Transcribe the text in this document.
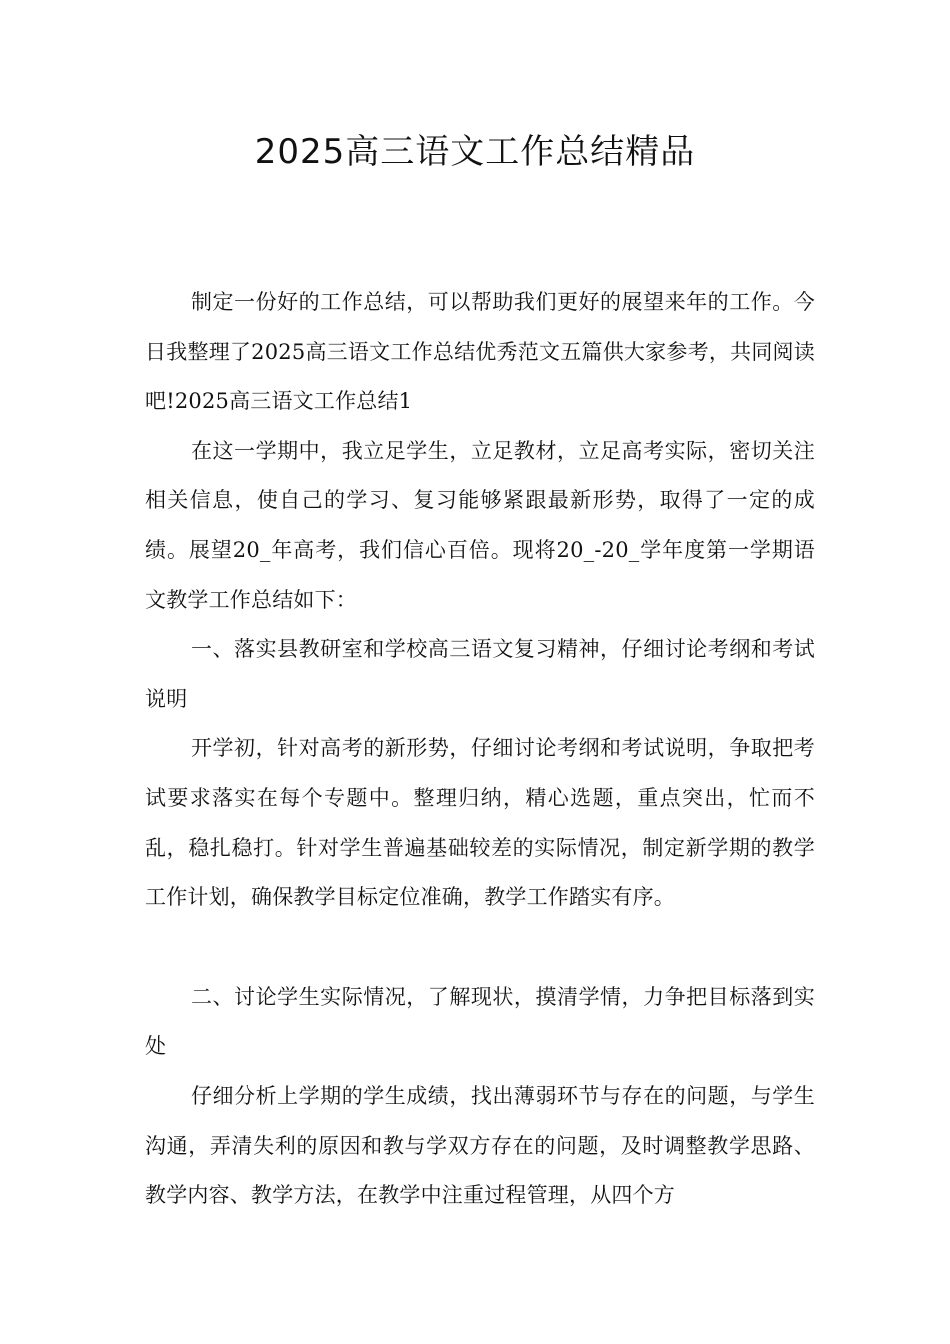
2025高三语文工作总结精品

制定一份好的工作总结，可以帮助我们更好的展望来年的工作。今日我整理了2025高三语文工作总结优秀范文五篇供大家参考，共同阅读吧!2025高三语文工作总结1

在这一学期中，我立足学生，立足教材，立足高考实际，密切关注相关信息，使自己的学习、复习能够紧跟最新形势，取得了一定的成绩。展望20_年高考，我们信心百倍。现将20_-20_学年度第一学期语文教学工作总结如下：

一、落实县教研室和学校高三语文复习精神，仔细讨论考纲和考试说明

开学初，针对高考的新形势，仔细讨论考纲和考试说明，争取把考试要求落实在每个专题中。整理归纳，精心选题，重点突出，忙而不乱，稳扎稳打。针对学生普遍基础较差的实际情况，制定新学期的教学工作计划，确保教学目标定位准确，教学工作踏实有序。

二、讨论学生实际情况，了解现状，摸清学情，力争把目标落到实处

仔细分析上学期的学生成绩，找出薄弱环节与存在的问题，与学生沟通，弄清失利的原因和教与学双方存在的问题，及时调整教学思路、教学内容、教学方法，在教学中注重过程管理，从四个方
